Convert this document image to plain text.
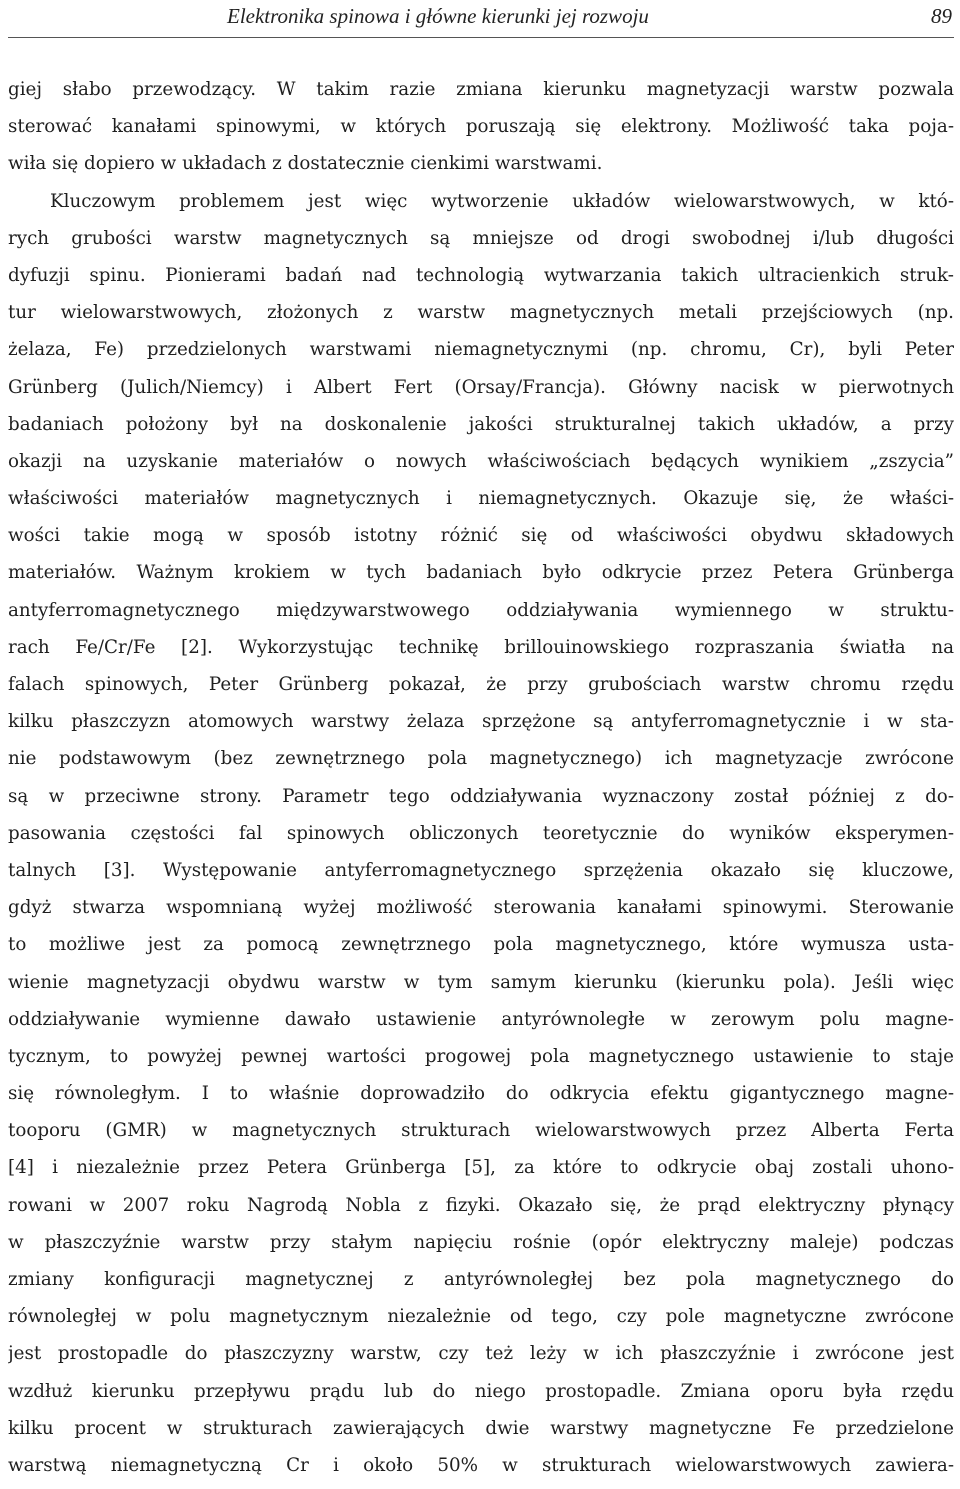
Elektronika spinowa i główne kierunki jej rozwoju	89
giej słabo przewodzący. W takim razie zmiana kierunku magnetyzacji warstw pozwala
sterować kanałami spinowymi, w których poruszają się elektrony. Możliwość taka poja-
wiła się dopiero w układach z dostatecznie cienkimi warstwami.
Kluczowym problemem jest więc wytworzenie układów wielowarstwowych, w któ-
rych grubości warstw magnetycznych są mniejsze od drogi swobodnej i/lub długości
dyfuzji spinu. Pionierami badań nad technologią wytwarzania takich ultracienkich struk-
tur wielowarstwowych, złożonych z warstw magnetycznych metali przejściowych (np.
żelaza, Fe) przedzielonych warstwami niemagnetycznymi (np. chromu, Cr), byli Peter
Grünberg (Julich/Niemcy) i Albert Fert (Orsay/Francja). Główny nacisk w pierwotnych
badaniach położony był na doskonalenie jakości strukturalnej takich układów, a przy
okazji na uzyskanie materiałów o nowych właściwościach będących wynikiem „zszycia”
właściwości materiałów magnetycznych i niemagnetycznych. Okazuje się, że właści-
wości takie mogą w sposób istotny różnić się od właściwości obydwu składowych
materiałów. Ważnym krokiem w tych badaniach było odkrycie przez Petera Grünberga
antyferromagnetycznego międzywarstwowego oddziaływania wymiennego w struktu-
rach Fe/Cr/Fe [2]. Wykorzystując technikę brillouinowskiego rozpraszania światła na
falach spinowych, Peter Grünberg pokazał, że przy grubościach warstw chromu rzędu
kilku płaszczyzn atomowych warstwy żelaza sprzężone są antyferromagnetycznie i w sta-
nie podstawowym (bez zewnętrznego pola magnetycznego) ich magnetyzacje zwrócone
są w przeciwne strony. Parametr tego oddziaływania wyznaczony został później z do-
pasowania częstości fal spinowych obliczonych teoretycznie do wyników eksperymen-
talnych [3]. Występowanie antyferromagnetycznego sprzężenia okazało się kluczowe,
gdyż stwarza wspomnianą wyżej możliwość sterowania kanałami spinowymi. Sterowanie
to możliwe jest za pomocą zewnętrznego pola magnetycznego, które wymusza usta-
wienie magnetyzacji obydwu warstw w tym samym kierunku (kierunku pola). Jeśli więc
oddziaływanie wymienne dawało ustawienie antyrównoległe w zerowym polu magne-
tycznym, to powyżej pewnej wartości progowej pola magnetycznego ustawienie to staje
się równoległym. I to właśnie doprowadziło do odkrycia efektu gigantycznego magne-
tooporu (GMR) w magnetycznych strukturach wielowarstwowych przez Alberta Ferta
[4] i niezależnie przez Petera Grünberga [5], za które to odkrycie obaj zostali uhono-
rowani w 2007 roku Nagrodą Nobla z fizyki. Okazało się, że prąd elektryczny płynący
w płaszczyźnie warstw przy stałym napięciu rośnie (opór elektryczny maleje) podczas
zmiany konfiguracji magnetycznej z antyrównoległej bez pola magnetycznego do
równoległej w polu magnetycznym niezależnie od tego, czy pole magnetyczne zwrócone
jest prostopadle do płaszczyzny warstw, czy też leży w ich płaszczyźnie i zwrócone jest
wzdłuż kierunku przepływu prądu lub do niego prostopadle. Zmiana oporu była rzędu
kilku procent w strukturach zawierających dwie warstwy magnetyczne Fe przedzielone
warstwą niemagnetyczną Cr i około 50% w strukturach wielowarstwowych zawiera-
